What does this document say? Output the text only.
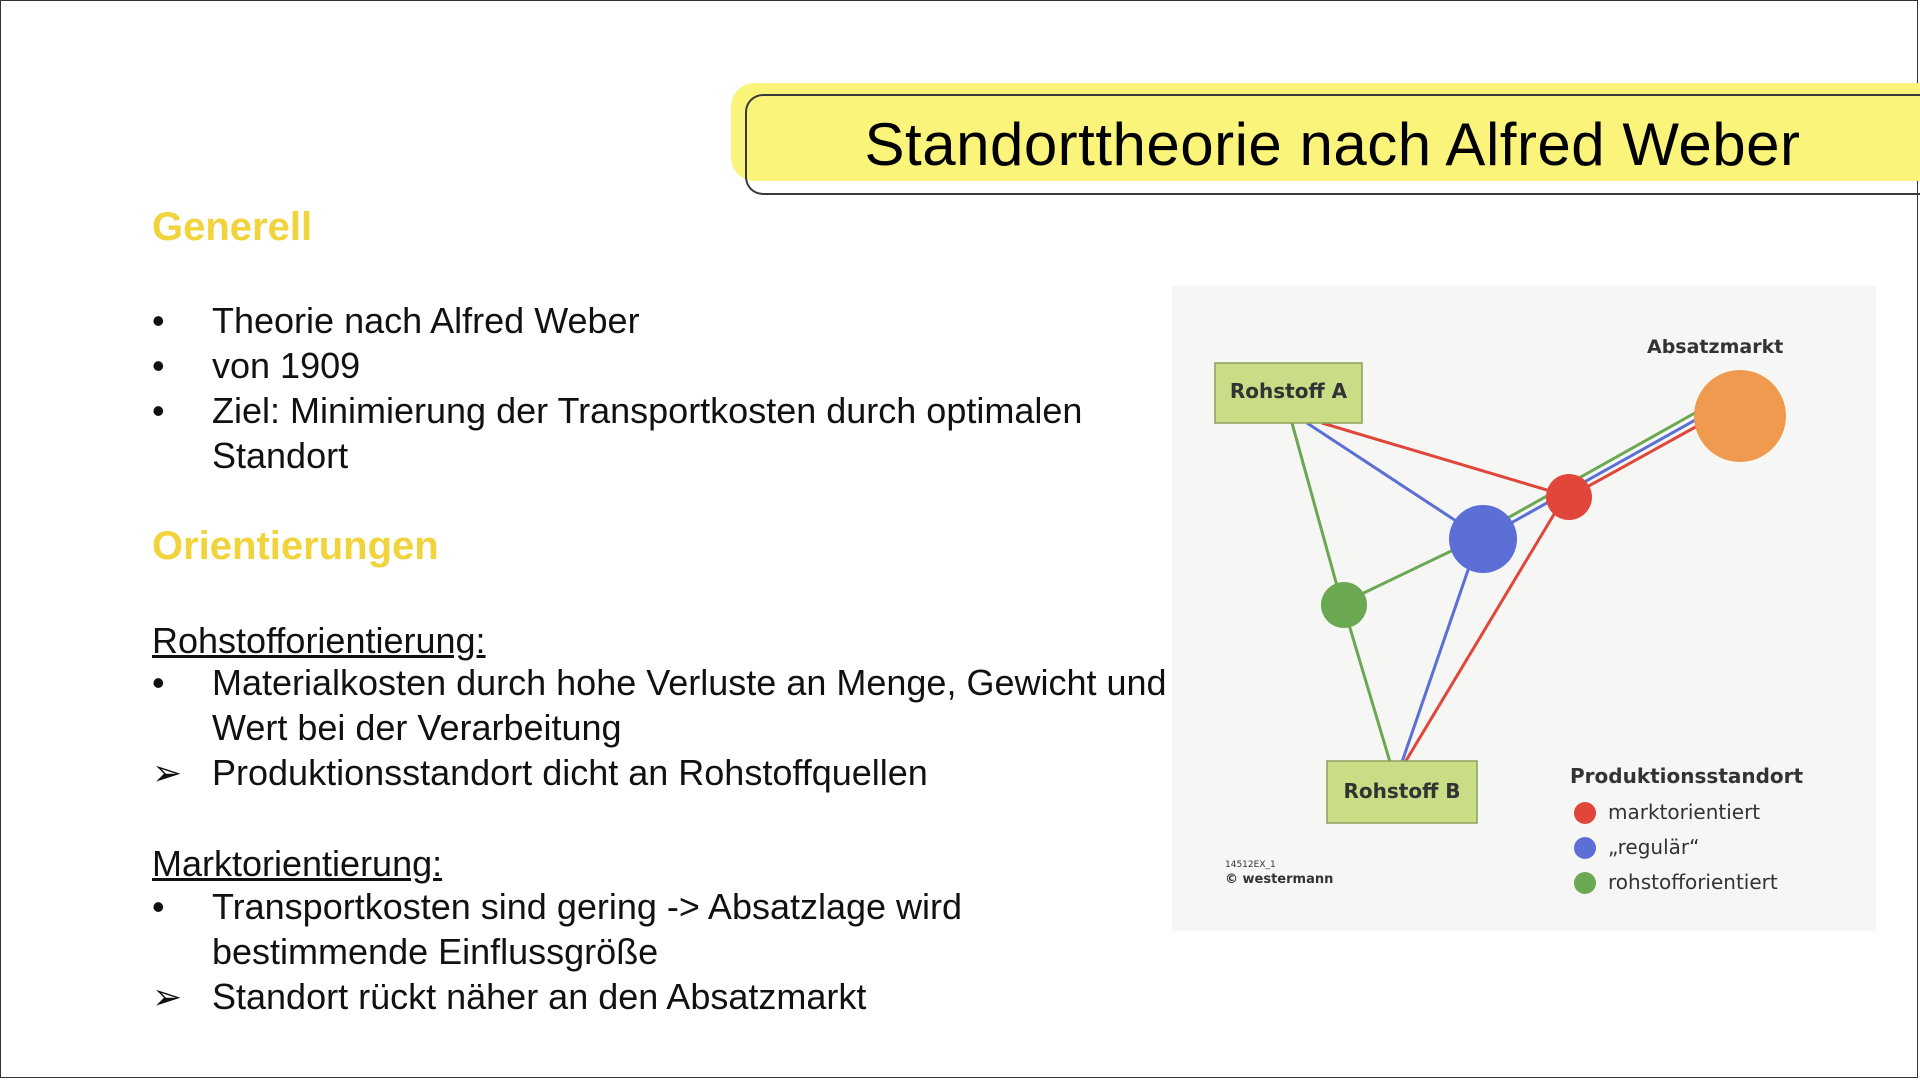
Standorttheorie nach Alfred Weber
Generell
•	Theorie nach Alfred Weber
•	von 1909
•	Ziel: Minimierung der Transportkosten durch optimalen Standort
Orientierungen
Rohstofforientierung:
•	Materialkosten durch hohe Verluste an Menge, Gewicht und Wert bei der Verarbeitung
➢ Produktionsstandort dicht an Rohstoffquellen
Marktorientierung:
•	Transportkosten sind gering -> Absatzlage wird bestimmende Einflussgröße
➢ Standort rückt näher an den Absatzmarkt
Rohstoff A
Rohstoff B
Absatzmarkt
Produktionsstandort
marktorientiert
„regulär“
rohstofforientiert
14512EX_1
© westermann
